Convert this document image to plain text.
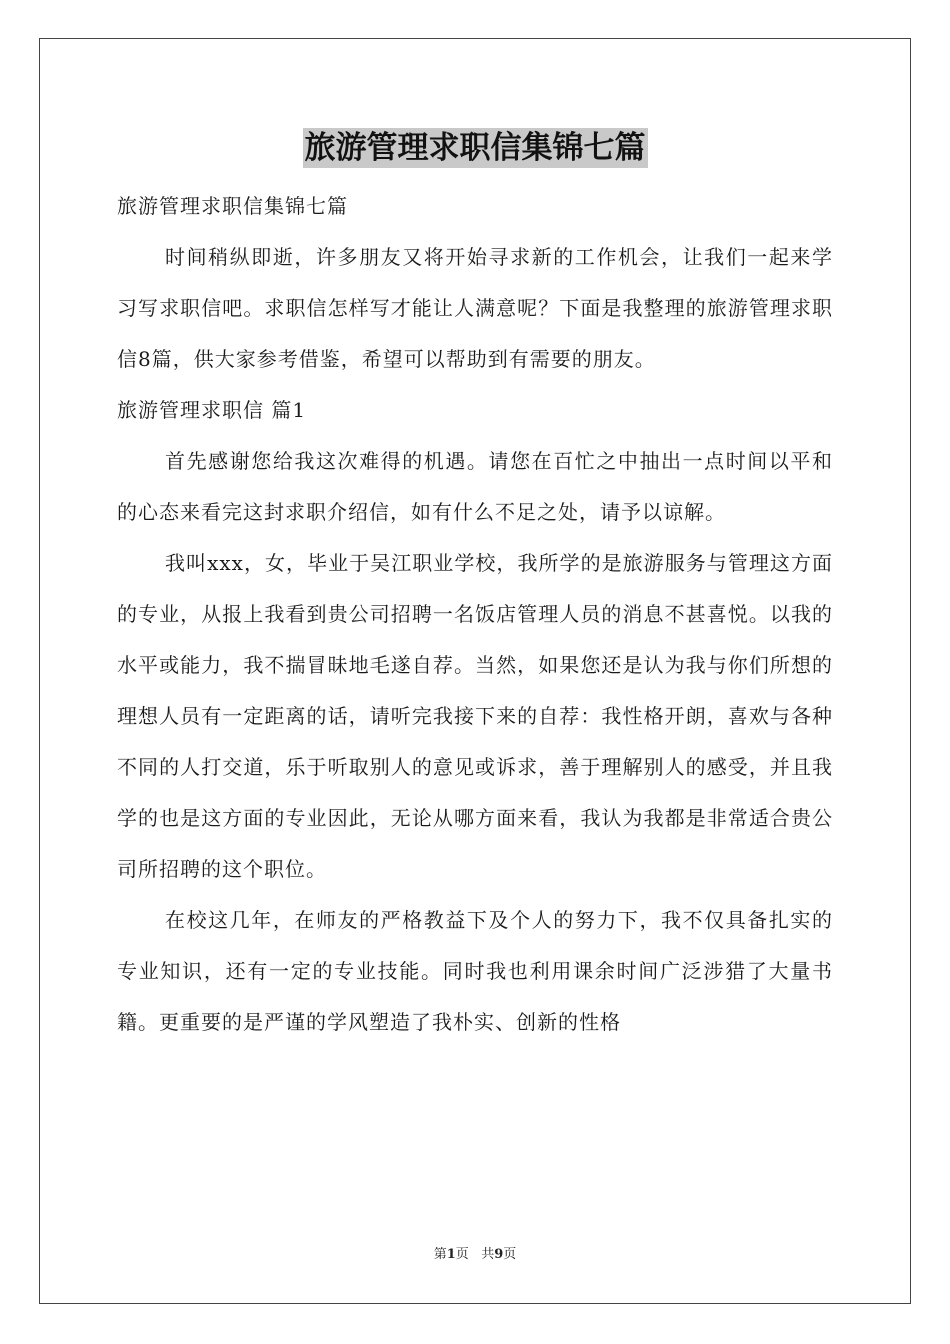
旅游管理求职信集锦七篇

旅游管理求职信集锦七篇

时间稍纵即逝，许多朋友又将开始寻求新的工作机会，让我们一起来学习写求职信吧。求职信怎样写才能让人满意呢？下面是我整理的旅游管理求职信8篇，供大家参考借鉴，希望可以帮助到有需要的朋友。

旅游管理求职信 篇1

首先感谢您给我这次难得的机遇。请您在百忙之中抽出一点时间以平和的心态来看完这封求职介绍信，如有什么不足之处，请予以谅解。

我叫xxx，女，毕业于吴江职业学校，我所学的是旅游服务与管理这方面的专业，从报上我看到贵公司招聘一名饭店管理人员的消息不甚喜悦。以我的水平或能力，我不揣冒昧地毛遂自荐。当然，如果您还是认为我与你们所想的理想人员有一定距离的话，请听完我接下来的自荐：我性格开朗，喜欢与各种不同的人打交道，乐于听取别人的意见或诉求，善于理解别人的感受，并且我学的也是这方面的专业因此，无论从哪方面来看，我认为我都是非常适合贵公司所招聘的这个职位。

在校这几年，在师友的严格教益下及个人的努力下，我不仅具备扎实的专业知识，还有一定的专业技能。同时我也利用课余时间广泛涉猎了大量书籍。更重要的是严谨的学风塑造了我朴实、创新的性格

第1页 共9页
